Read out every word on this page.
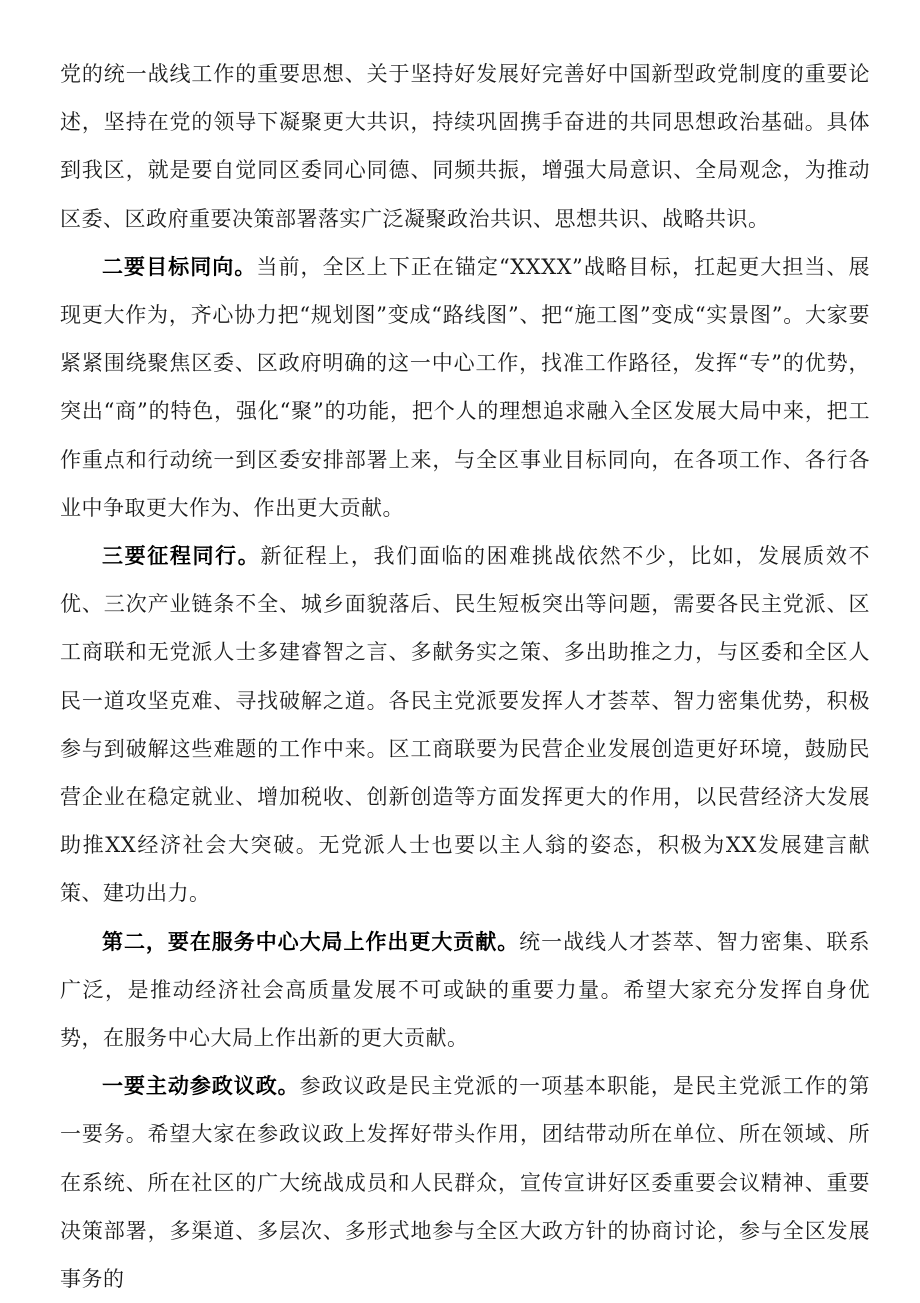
党的统一战线工作的重要思想、关于坚持好发展好完善好中国新型政党制度的重要论述，坚持在党的领导下凝聚更大共识，持续巩固携手奋进的共同思想政治基础。具体到我区，就是要自觉同区委同心同德、同频共振，增强大局意识、全局观念，为推动区委、区政府重要决策部署落实广泛凝聚政治共识、思想共识、战略共识。

二要目标同向。当前，全区上下正在锚定“XXXX”战略目标，扛起更大担当、展现更大作为，齐心协力把“规划图”变成“路线图”、把“施工图”变成“实景图”。大家要紧紧围绕聚焦区委、区政府明确的这一中心工作，找准工作路径，发挥“专”的优势，突出“商”的特色，强化“聚”的功能，把个人的理想追求融入全区发展大局中来，把工作重点和行动统一到区委安排部署上来，与全区事业目标同向，在各项工作、各行各业中争取更大作为、作出更大贡献。

三要征程同行。新征程上，我们面临的困难挑战依然不少，比如，发展质效不优、三次产业链条不全、城乡面貌落后、民生短板突出等问题，需要各民主党派、区工商联和无党派人士多建睿智之言、多献务实之策、多出助推之力，与区委和全区人民一道攻坚克难、寻找破解之道。各民主党派要发挥人才荟萃、智力密集优势，积极参与到破解这些难题的工作中来。区工商联要为民营企业发展创造更好环境，鼓励民营企业在稳定就业、增加税收、创新创造等方面发挥更大的作用，以民营经济大发展助推XX经济社会大突破。无党派人士也要以主人翁的姿态，积极为XX发展建言献策、建功出力。

第二，要在服务中心大局上作出更大贡献。统一战线人才荟萃、智力密集、联系广泛，是推动经济社会高质量发展不可或缺的重要力量。希望大家充分发挥自身优势，在服务中心大局上作出新的更大贡献。

一要主动参政议政。参政议政是民主党派的一项基本职能，是民主党派工作的第一要务。希望大家在参政议政上发挥好带头作用，团结带动所在单位、所在领域、所在系统、所在社区的广大统战成员和人民群众，宣传宣讲好区委重要会议精神、重要决策部署，多渠道、多层次、多形式地参与全区大政方针的协商讨论，参与全区发展事务的
